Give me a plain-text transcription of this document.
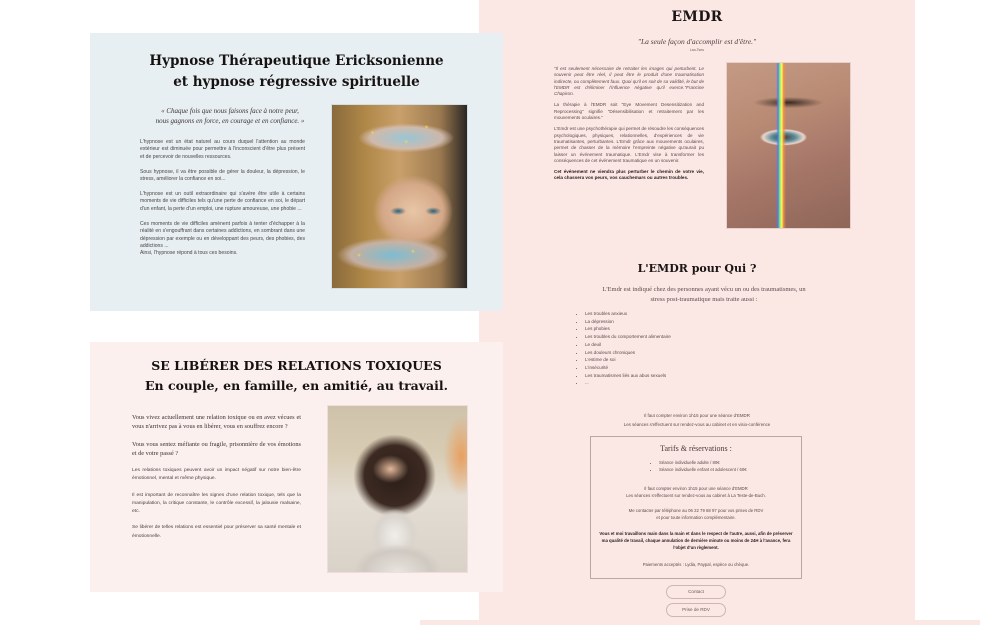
EMDR
"La seule façon d'accomplir est d'être."
Lao-Tseu

"Il est seulement nécessaire de retraiter les images qui perturbent. Le souvenir peut être réel, il peut être le produit d'une traumatisation indirecte, ou complètement faux. Quoi qu'il en soit de sa validité, le but de l'EMDR est d'éliminer l'influence négative qu'il exerce."Francine Chapiron.

La thérapie à l'EMDR soit "Eye Movement Desensitization and Reprocessing" signifie "Désensibilisation et retraitement par les mouvements oculaires."

L'Emdr est une psychothérapie qui permet de résoudre les conséquences psychologiques, physiques, relationnelles, d'expériences de vie traumatisantes, perturbantes. L'Emdr grâce aux mouvements oculaires, permet de chasser de la mémoire l'empreinte négative qu'aurait pu laisser un événement traumatique. L'Emdr vise à transformer les conséquences de cet événement traumatique en un souvenir.

Cet événement ne viendra plus perturber le chemin de votre vie, cela chassera vos peurs, vos cauchemars ou autres troubles.

L'EMDR pour Qui ?
L'Emdr est indiqué chez des personnes ayant vécu un ou des traumatismes, un stress post-traumatique mais traite aussi :
• Les troubles anxieux
• La dépression
• Les phobies
• Les troubles du comportement alimentaire
• Le deuil
• Les douleurs chroniques
• L'estime de soi
• L'insécurité
• Les traumatismes liés aux abus sexuels
• ...
Il faut compter environ 1h15 pour une séance d'EMDR
Les séances s'effectuent sur rendez-vous au cabinet et en visio-conférence
Tarifs & réservations :
• Séance individuelle adulte / 80€
• Séance individuelle enfant et adolescent / 60€
Il faut compter environ 1h15 pour une séance d'EMDR
Les séances s'effectuent sur rendez-vous au cabinet à La Teste-de-Buch.
Me contacter par téléphone au 06 22 79 68 97 pour vos prises de RDV
et pour toute information complémentaire.
Vous et moi travaillons main dans la main et dans le respect de l'autre, aussi, afin de préserver ma qualité de travail, chaque annulation de dernière minute ou moins de 24H à l'avance, fera l'objet d'un règlement.
Paiements acceptés : Lydia, Paypal, espèce ou chèque.
Contact
Prise de RDV
Hypnose Thérapeutique Ericksonienne
et hypnose régressive spirituelle
« Chaque fois que nous faisons face à notre peur,
nous gagnons en force, en courage et en confiance. »

L'hypnose est un état naturel au cours duquel l'attention au monde extérieur est diminuée pour permettre à l'inconscient d'être plus présent et de percevoir de nouvelles ressources.

Sous hypnose, il va être possible de gérer la douleur, la dépression, le stress, améliorer la confiance en soi...

L'hypnose est un outil extraordinaire qui s'avère être utile à certains moments de vie difficiles tels qu'une perte de confiance en soi, le départ d'un enfant, la perte d'un emploi, une rupture amoureuse, une phobie ...

Ces moments de vie difficiles amènent parfois à tenter d'échapper à la réalité en s'engouffrant dans certaines addictions, en sombrant dans une dépression par exemple ou en développant des peurs, des phobies, des addictions ...

Ainsi, l'hypnose répond à tous ces besoins.

SE LIBÉRER DES RELATIONS TOXIQUES
En couple, en famille, en amitié, au travail.

Vous vivez actuellement une relation toxique ou en avez vécues et vous n'arrivez pas à vous en libérer, vous en souffrez encore ?

Vous vous sentez méfiante ou fragile, prisonnière de vos émotions et de votre passé ?

Les relations toxiques peuvent avoir un impact négatif sur notre bien-être émotionnel, mental et même physique.

Il est important de reconnaître les signes d'une relation toxique, tels que la manipulation, la critique constante, le contrôle excessif, la jalousie malsaine, etc.

Se libérer de telles relations est essentiel pour préserver sa santé mentale et émotionnelle.
